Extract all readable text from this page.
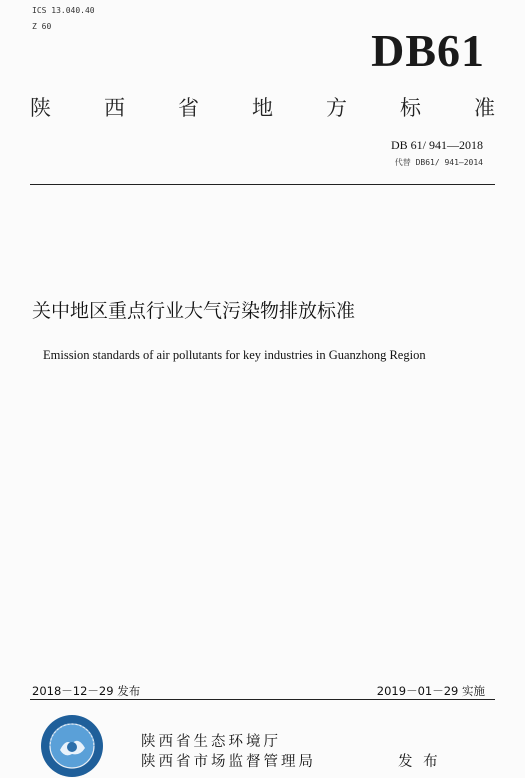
ICS 13.040.40
Z 60	DB61
陕	西	省	地	方	标	准
DB 61/ 941—2018
代替 DB61/ 941—2014
关中地区重点行业大气污染物排放标准
Emission standards of air pollutants for key industries in Guanzhong Region
2018－12－29 发布	2019－01－29 实施
陕西省生态环境厅
陕西省市场监督管理局	发 布
